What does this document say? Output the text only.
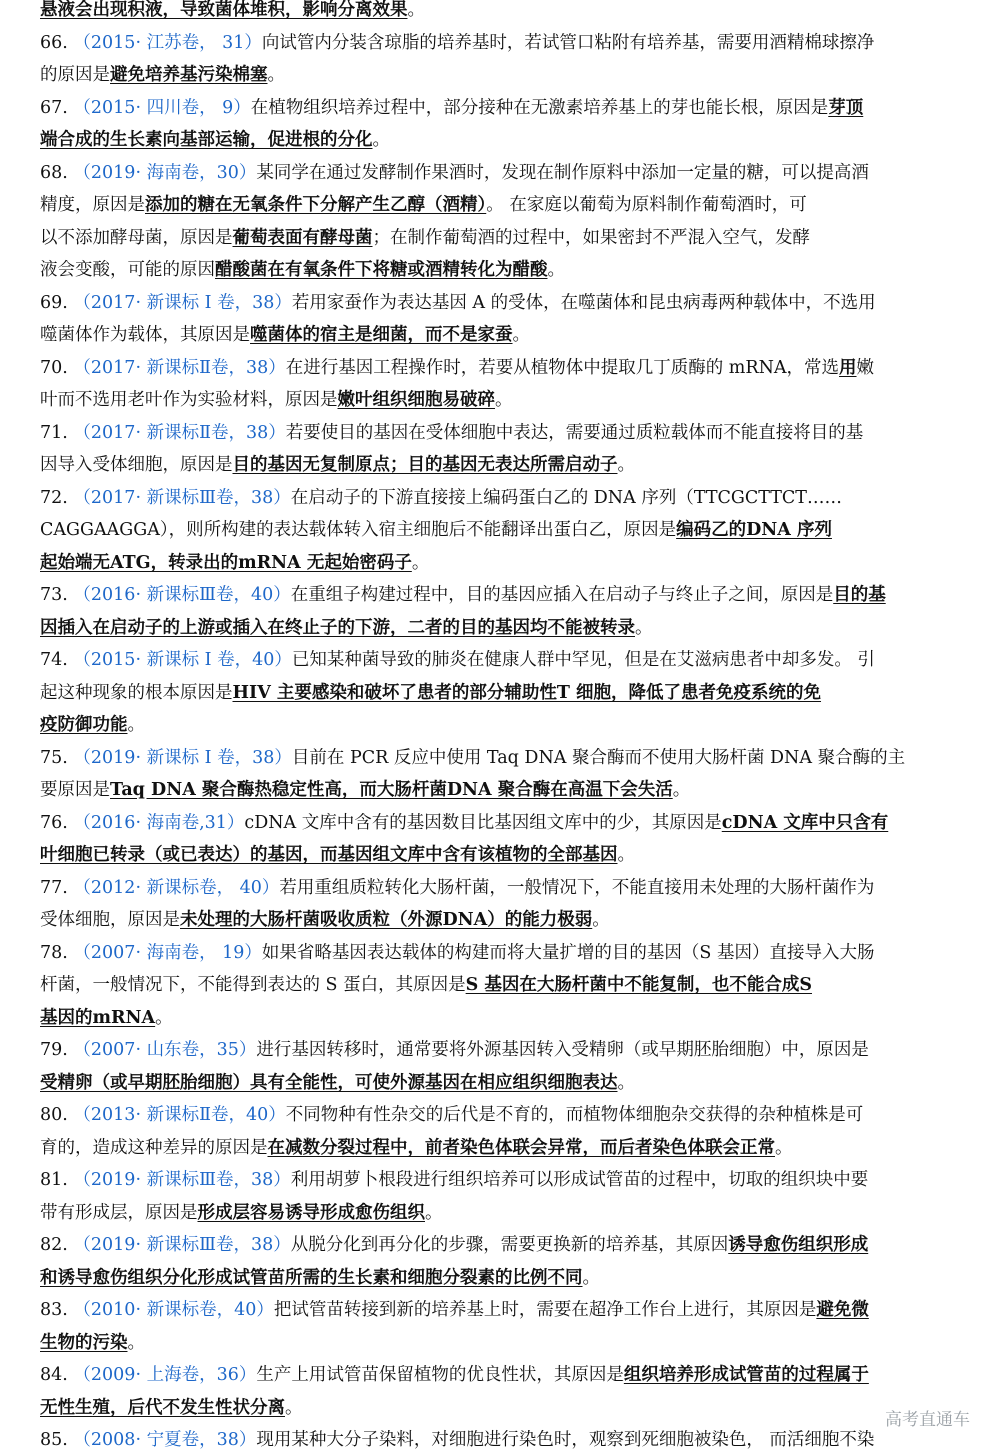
悬液会出现积液，导致菌体堆积，影响分离效果。
66. （2015· 江苏卷， 31）向试管内分装含琼脂的培养基时，若试管口粘附有培养基，需要用酒精棉球擦净
的原因是避免培养基污染棉塞。
67. （2015· 四川卷， 9）在植物组织培养过程中，部分接种在无激素培养基上的芽也能长根，原因是芽顶
端合成的生长素向基部运输，促进根的分化。
68. （2019· 海南卷，30）某同学在通过发酵制作果酒时，发现在制作原料中添加一定量的糖，可以提高酒
精度，原因是添加的糖在无氧条件下分解产生乙醇（酒精）。 在家庭以葡萄为原料制作葡萄酒时，可
以不添加酵母菌，原因是葡萄表面有酵母菌；在制作葡萄酒的过程中，如果密封不严混入空气，发酵
液会变酸，可能的原因醋酸菌在有氧条件下将糖或酒精转化为醋酸。
69. （2017· 新课标 I 卷，38）若用家蚕作为表达基因 A 的受体，在噬菌体和昆虫病毒两种载体中，不选用
噬菌体作为载体，其原因是噬菌体的宿主是细菌，而不是家蚕。
70. （2017· 新课标Ⅱ卷，38）在进行基因工程操作时，若要从植物体中提取几丁质酶的 mRNA，常选用嫩
叶而不选用老叶作为实验材料，原因是嫩叶组织细胞易破碎。
71. （2017· 新课标Ⅱ卷，38）若要使目的基因在受体细胞中表达，需要通过质粒载体而不能直接将目的基
因导入受体细胞，原因是目的基因无复制原点；目的基因无表达所需启动子。
72. （2017· 新课标Ⅲ卷，38）在启动子的下游直接接上编码蛋白乙的 DNA 序列（TTCGCTTCT……
CAGGAAGGA），则所构建的表达载体转入宿主细胞后不能翻译出蛋白乙，原因是编码乙的DNA 序列
起始端无ATG，转录出的mRNA 无起始密码子。
73. （2016· 新课标Ⅲ卷，40）在重组子构建过程中，目的基因应插入在启动子与终止子之间，原因是目的基
因插入在启动子的上游或插入在终止子的下游，二者的目的基因均不能被转录。
74. （2015· 新课标 I 卷，40）已知某种菌导致的肺炎在健康人群中罕见，但是在艾滋病患者中却多发。 引
起这种现象的根本原因是HIV 主要感染和破坏了患者的部分辅助性T 细胞，降低了患者免疫系统的免
疫防御功能。
75. （2019· 新课标 I 卷，38）目前在 PCR 反应中使用 Taq DNA 聚合酶而不使用大肠杆菌 DNA 聚合酶的主
要原因是Taq DNA 聚合酶热稳定性高，而大肠杆菌DNA 聚合酶在高温下会失活。
76. （2016· 海南卷,31）cDNA 文库中含有的基因数目比基因组文库中的少，其原因是cDNA 文库中只含有
叶细胞已转录（或已表达）的基因，而基因组文库中含有该植物的全部基因。
77. （2012· 新课标卷， 40）若用重组质粒转化大肠杆菌，一般情况下，不能直接用未处理的大肠杆菌作为
受体细胞，原因是未处理的大肠杆菌吸收质粒（外源DNA）的能力极弱。
78. （2007· 海南卷， 19）如果省略基因表达载体的构建而将大量扩增的目的基因（S 基因）直接导入大肠
杆菌，一般情况下，不能得到表达的 S 蛋白，其原因是S 基因在大肠杆菌中不能复制，也不能合成S
基因的mRNA。
79. （2007· 山东卷，35）进行基因转移时，通常要将外源基因转入受精卵（或早期胚胎细胞）中，原因是
受精卵（或早期胚胎细胞）具有全能性，可使外源基因在相应组织细胞表达。
80. （2013· 新课标Ⅱ卷，40）不同物种有性杂交的后代是不育的，而植物体细胞杂交获得的杂种植株是可
育的，造成这种差异的原因是在减数分裂过程中，前者染色体联会异常，而后者染色体联会正常。
81. （2019· 新课标Ⅲ卷，38）利用胡萝卜根段进行组织培养可以形成试管苗的过程中，切取的组织块中要
带有形成层，原因是形成层容易诱导形成愈伤组织。
82. （2019· 新课标Ⅲ卷，38）从脱分化到再分化的步骤，需要更换新的培养基，其原因诱导愈伤组织形成
和诱导愈伤组织分化形成试管苗所需的生长素和细胞分裂素的比例不同。
83. （2010· 新课标卷，40）把试管苗转接到新的培养基上时，需要在超净工作台上进行，其原因是避免微
生物的污染。
84. （2009· 上海卷，36）生产上用试管苗保留植物的优良性状，其原因是组织培养形成试管苗的过程属于
无性生殖，后代不发生性状分离。
85. （2008· 宁夏卷，38）现用某种大分子染料，对细胞进行染色时，观察到死细胞被染色， 而活细胞不染
高考直通车
